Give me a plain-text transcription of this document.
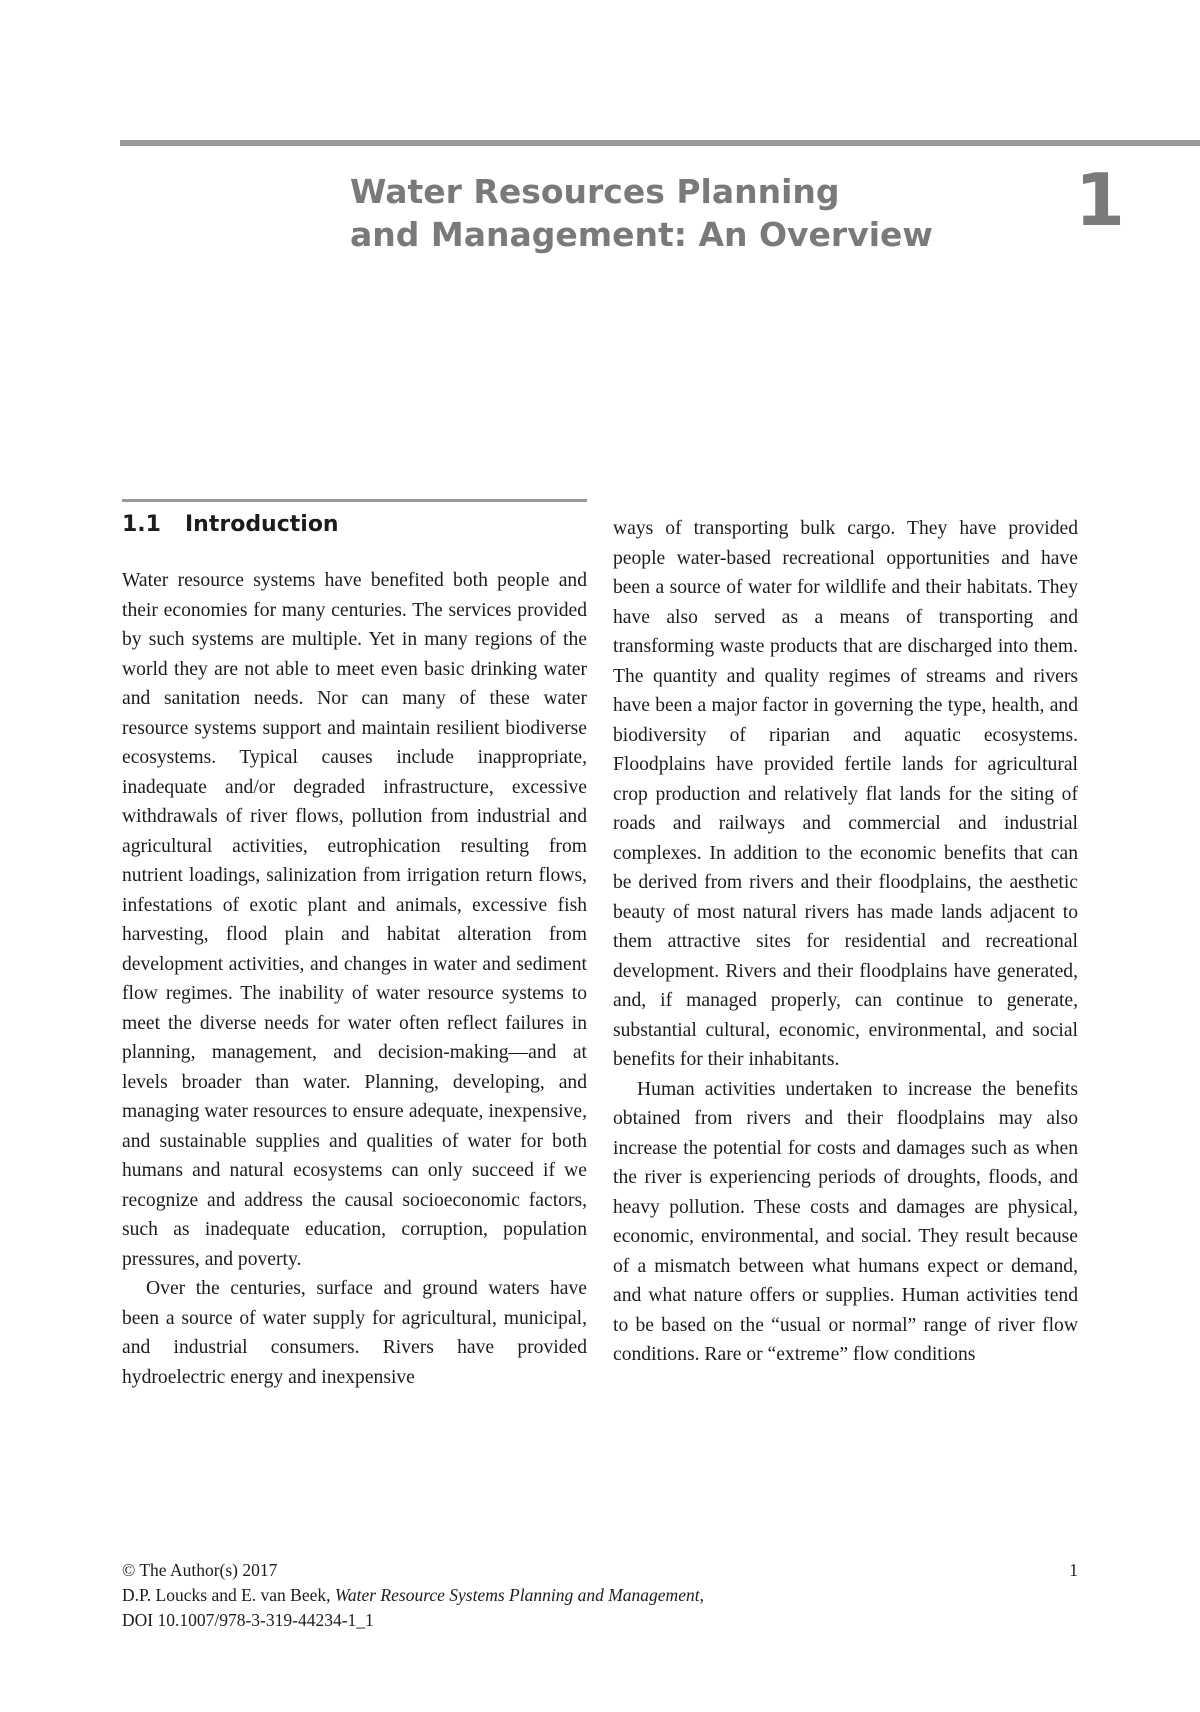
Water Resources Planning
and Management: An Overview	1
1.1 Introduction

Water resource systems have benefited both people and their economies for many centuries. The services provided by such systems are multiple. Yet in many regions of the world they are not able to meet even basic drinking water and sanitation needs. Nor can many of these water resource systems support and maintain resilient biodiverse ecosystems. Typical causes include inappropriate, inadequate and/or degraded infrastructure, excessive withdrawals of river flows, pollution from industrial and agricultural activities, eutrophication resulting from nutrient loadings, salinization from irrigation return flows, infestations of exotic plant and animals, excessive fish harvesting, flood plain and habitat alteration from development activities, and changes in water and sediment flow regimes. The inability of water resource systems to meet the diverse needs for water often reflect failures in planning, management, and decision-making—and at levels broader than water. Planning, developing, and managing water resources to ensure adequate, inexpensive, and sustainable supplies and qualities of water for both humans and natural ecosystems can only succeed if we recognize and address the causal socioeconomic factors, such as inadequate education, corruption, population pressures, and poverty.

Over the centuries, surface and ground waters have been a source of water supply for agricultural, municipal, and industrial consumers. Rivers have provided hydroelectric energy and inexpensive

ways of transporting bulk cargo. They have provided people water-based recreational opportunities and have been a source of water for wildlife and their habitats. They have also served as a means of transporting and transforming waste products that are discharged into them. The quantity and quality regimes of streams and rivers have been a major factor in governing the type, health, and biodiversity of riparian and aquatic ecosystems. Floodplains have provided fertile lands for agricultural crop production and relatively flat lands for the siting of roads and railways and commercial and industrial complexes. In addition to the economic benefits that can be derived from rivers and their floodplains, the aesthetic beauty of most natural rivers has made lands adjacent to them attractive sites for residential and recreational development. Rivers and their floodplains have generated, and, if managed properly, can continue to generate, substantial cultural, economic, environmental, and social benefits for their inhabitants.

Human activities undertaken to increase the benefits obtained from rivers and their floodplains may also increase the potential for costs and damages such as when the river is experiencing periods of droughts, floods, and heavy pollution. These costs and damages are physical, economic, environmental, and social. They result because of a mismatch between what humans expect or demand, and what nature offers or supplies. Human activities tend to be based on the “usual or normal” range of river flow conditions. Rare or “extreme” flow conditions

© The Author(s) 2017
D.P. Loucks and E. van Beek, Water Resource Systems Planning and Management,
DOI 10.1007/978-3-319-44234-1_1
1
